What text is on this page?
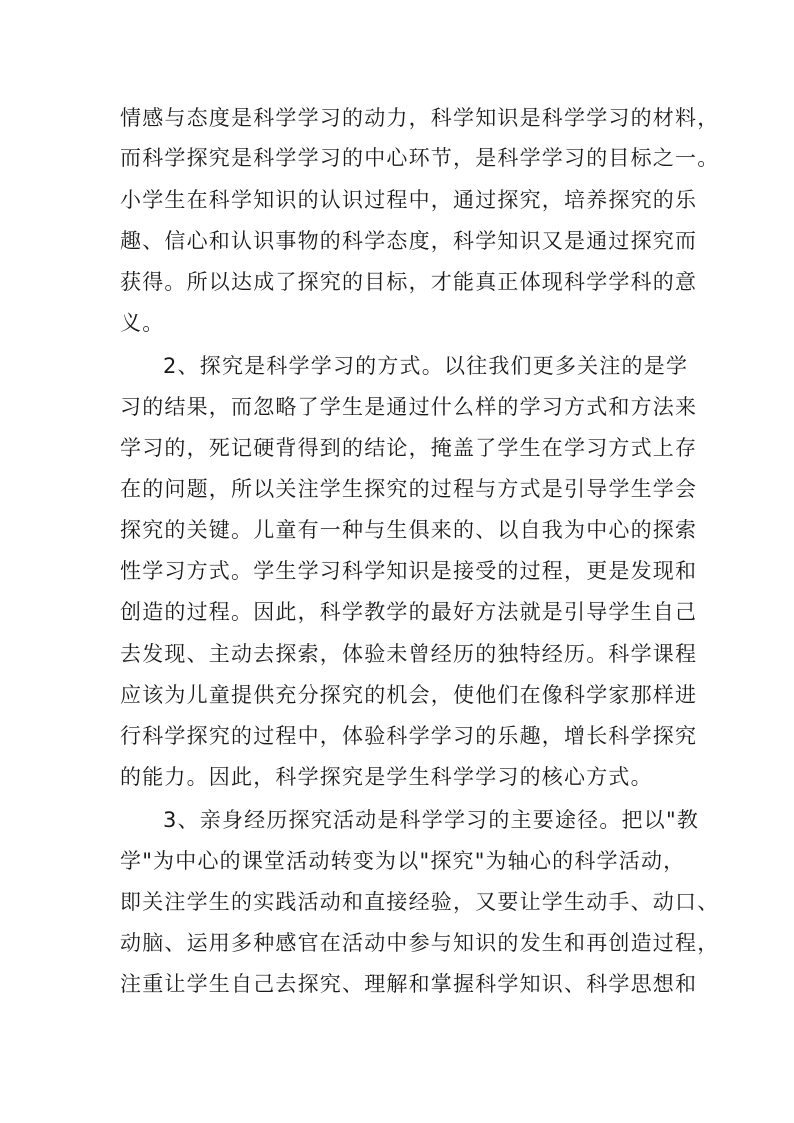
情感与态度是科学学习的动力，科学知识是科学学习的材料，
而科学探究是科学学习的中心环节，是科学学习的目标之一。
小学生在科学知识的认识过程中，通过探究，培养探究的乐
趣、信心和认识事物的科学态度，科学知识又是通过探究而
获得。所以达成了探究的目标，才能真正体现科学学科的意
义。
2、探究是科学学习的方式。以往我们更多关注的是学
习的结果，而忽略了学生是通过什么样的学习方式和方法来
学习的，死记硬背得到的结论，掩盖了学生在学习方式上存
在的问题，所以关注学生探究的过程与方式是引导学生学会
探究的关键。儿童有一种与生俱来的、以自我为中心的探索
性学习方式。学生学习科学知识是接受的过程，更是发现和
创造的过程。因此，科学教学的最好方法就是引导学生自己
去发现、主动去探索，体验未曾经历的独特经历。科学课程
应该为儿童提供充分探究的机会，使他们在像科学家那样进
行科学探究的过程中，体验科学学习的乐趣，增长科学探究
的能力。因此，科学探究是学生科学学习的核心方式。
3、亲身经历探究活动是科学学习的主要途径。把以"教
学"为中心的课堂活动转变为以"探究"为轴心的科学活动，
即关注学生的实践活动和直接经验，又要让学生动手、动口、
动脑、运用多种感官在活动中参与知识的发生和再创造过程，
注重让学生自己去探究、理解和掌握科学知识、科学思想和
